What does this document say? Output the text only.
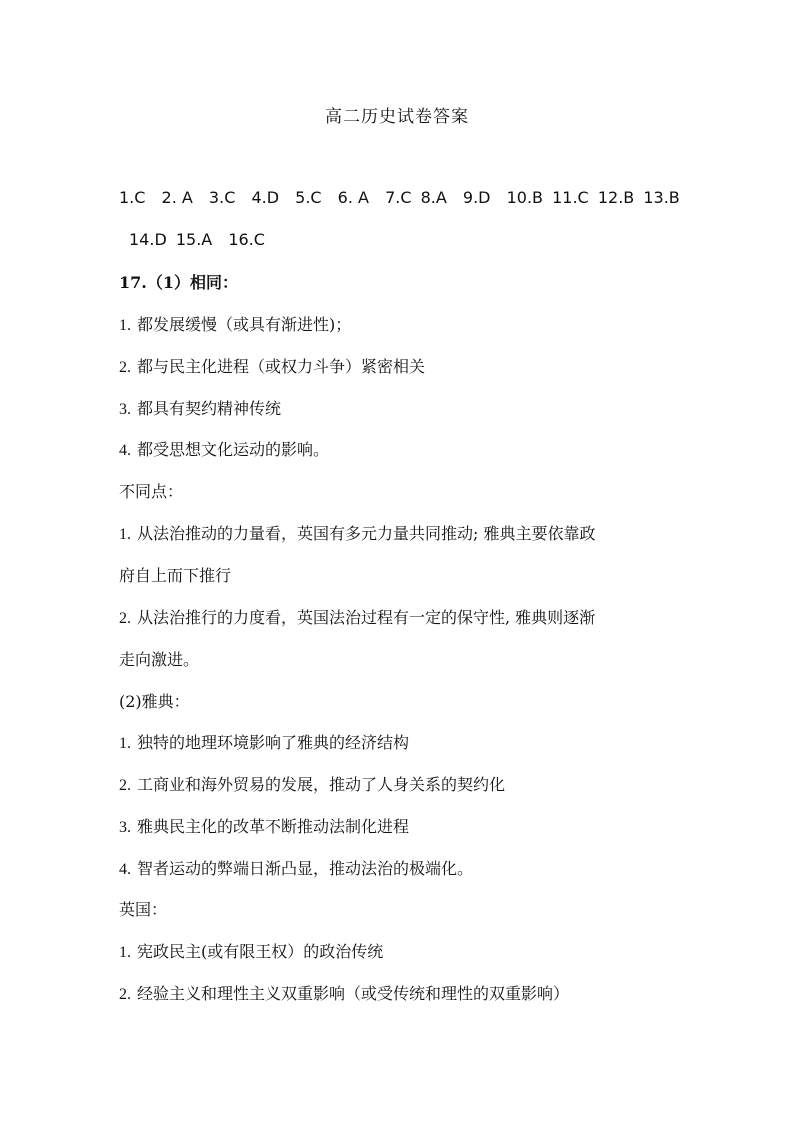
高二历史试卷答案
1.C 2. A 3.C 4.D 5.C 6. A 7.C 8.A 9.D 10.B 11.C 12.B 13.B
14.D 15.A 16.C
17.（1）相同：
1. 都发展缓慢（或具有渐进性)；
2. 都与民主化进程（或权力斗争）紧密相关
3. 都具有契约精神传统
4. 都受思想文化运动的影响。
不同点：
1. 从法治推动的力量看，英国有多元力量共同推动; 雅典主要依靠政
府自上而下推行
2. 从法治推行的力度看，英国法治过程有一定的保守性, 雅典则逐渐
走向激进。
(2)雅典：
1. 独特的地理环境影响了雅典的经济结构
2. 工商业和海外贸易的发展，推动了人身关系的契约化
3. 雅典民主化的改革不断推动法制化进程
4. 智者运动的弊端日渐凸显，推动法治的极端化。
英国：
1. 宪政民主(或有限王权）的政治传统
2. 经验主义和理性主义双重影响（或受传统和理性的双重影响）
